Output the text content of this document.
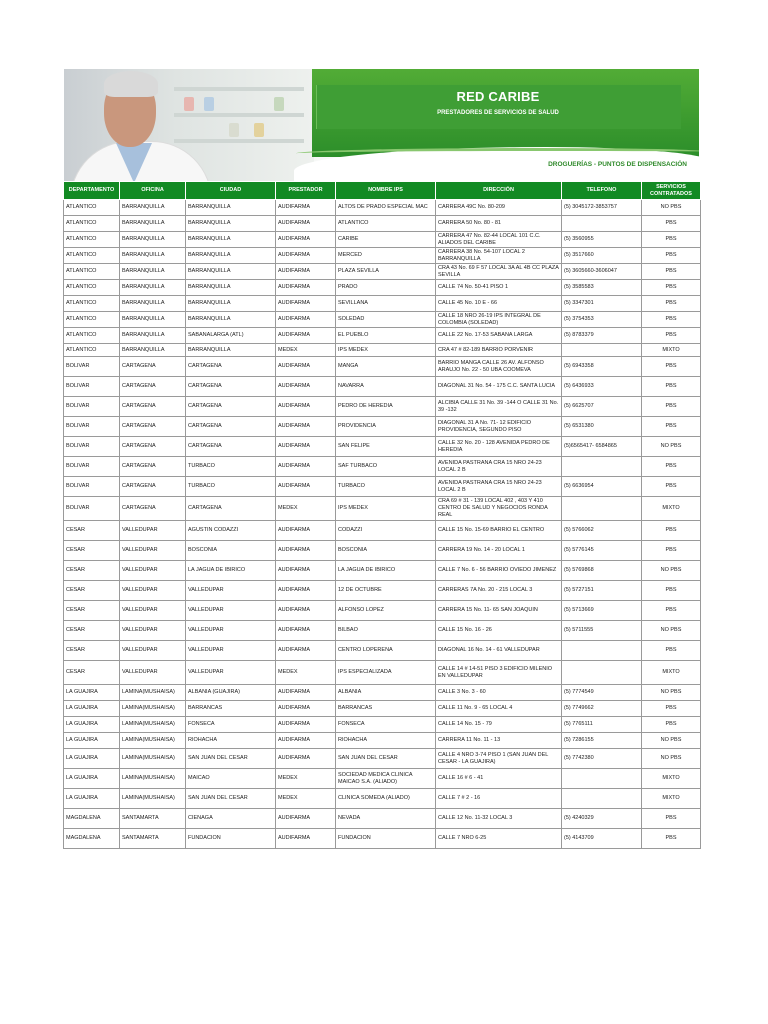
RED CARIBE
PRESTADORES DE SERVICIOS DE SALUD
DROGUERÍAS - PUNTOS DE DISPENSACIÓN
DEPARTAMENTO	OFICINA	CIUDAD	PRESTADOR	NOMBRE IPS	DIRECCIÓN	TELEFONO	SERVICIOS CONTRATADOS
ATLANTICO	BARRANQUILLA	BARRANQUILLA	AUDIFARMA	ALTOS DE PRADO ESPECIAL MAC	CARRERA 49C No. 80-209	(5) 3045172-3853757	NO PBS
ATLANTICO	BARRANQUILLA	BARRANQUILLA	AUDIFARMA	ATLANTICO	CARRERA 50 No. 80 - 81		PBS
ATLANTICO	BARRANQUILLA	BARRANQUILLA	AUDIFARMA	CARIBE	CARRERA 47 No. 82-44 LOCAL 101 C.C. ALIADOS DEL CARIBE	(5) 3560955	PBS
ATLANTICO	BARRANQUILLA	BARRANQUILLA	AUDIFARMA	MERCED	CARRERA 38 No. 54-107 LOCAL 2 BARRANQUILLA	(5) 3517660	PBS
ATLANTICO	BARRANQUILLA	BARRANQUILLA	AUDIFARMA	PLAZA SEVILLA	CRA 43 No. 69 F 57 LOCAL 3A AL 4B CC PLAZA SEVILLA	(5) 3605660-3606047	PBS
ATLANTICO	BARRANQUILLA	BARRANQUILLA	AUDIFARMA	PRADO	CALLE 74 No. 50-41 PISO 1	(5) 3585583	PBS
ATLANTICO	BARRANQUILLA	BARRANQUILLA	AUDIFARMA	SEVILLANA	CALLE 45 No. 10 E - 66	(5) 3347301	PBS
ATLANTICO	BARRANQUILLA	BARRANQUILLA	AUDIFARMA	SOLEDAD	CALLE 18 NRO 26-19 IPS INTEGRAL DE COLOMBIA (SOLEDAD)	(5) 3754353	PBS
ATLANTICO	BARRANQUILLA	SABANALARGA (ATL)	AUDIFARMA	EL PUEBLO	CALLE 22 No. 17-53 SABANA LARGA	(5) 8783379	PBS
ATLANTICO	BARRANQUILLA	BARRANQUILLA	MEDEX	IPS MEDEX	CRA 47 # 82-189 BARRIO PORVENIR		MIXTO
BOLIVAR	CARTAGENA	CARTAGENA	AUDIFARMA	MANGA	BARRIO MANGA CALLE 26 AV. ALFONSO ARAUJO No. 22 - 50 UBA COOMEVA	(5) 6943358	PBS
BOLIVAR	CARTAGENA	CARTAGENA	AUDIFARMA	NAVARRA	DIAGONAL 31 No. 54 - 175 C.C. SANTA LUCIA	(5) 6436933	PBS
BOLIVAR	CARTAGENA	CARTAGENA	AUDIFARMA	PEDRO DE HEREDIA	ALCIBIA CALLE 31 No. 39 -144 O CALLE 31 No. 39 -132	(5) 6625707	PBS
BOLIVAR	CARTAGENA	CARTAGENA	AUDIFARMA	PROVIDENCIA	DIAGONAL 31 A No. 71- 12 EDIFICIO PROVIDENCIA, SEGUNDO PISO	(5) 6531380	PBS
BOLIVAR	CARTAGENA	CARTAGENA	AUDIFARMA	SAN FELIPE	CALLE 32 No. 20 - 128 AVENIDA PEDRO DE HEREDIA	(5)6565417- 6584865	NO PBS
BOLIVAR	CARTAGENA	TURBACO	AUDIFARMA	SAF TURBACO	AVENIDA PASTRANA CRA 15 NRO 24-23 LOCAL 2 B		PBS
BOLIVAR	CARTAGENA	TURBACO	AUDIFARMA	TURBACO	AVENIDA PASTRANA CRA 15 NRO 24-23 LOCAL 2 B	(5) 6636954	PBS
BOLIVAR	CARTAGENA	CARTAGENA	MEDEX	IPS MEDEX	CRA 69 # 31 - 139 LOCAL 402 , 403 Y 410 CENTRO DE SALUD Y NEGOCIOS RONDA REAL		MIXTO
CESAR	VALLEDUPAR	AGUSTIN CODAZZI	AUDIFARMA	CODAZZI	CALLE 15 No. 15-69 BARRIO EL CENTRO	(5) 5766062	PBS
CESAR	VALLEDUPAR	BOSCONIA	AUDIFARMA	BOSCONIA	CARRERA 19 No. 14 - 20 LOCAL 1	(5) 5776145	PBS
CESAR	VALLEDUPAR	LA JAGUA DE IBIRICO	AUDIFARMA	LA JAGUA DE IBIRICO	CALLE 7 No. 6 - 56 BARRIO OVIEDO JIMENEZ	(5) 5769868	NO PBS
CESAR	VALLEDUPAR	VALLEDUPAR	AUDIFARMA	12 DE OCTUBRE	CARRERAS 7A No. 20 - 215 LOCAL 3	(5) 5727151	PBS
CESAR	VALLEDUPAR	VALLEDUPAR	AUDIFARMA	ALFONSO LOPEZ	CARRERA 15 No. 11- 65 SAN JOAQUIN	(5) 5713669	PBS
CESAR	VALLEDUPAR	VALLEDUPAR	AUDIFARMA	BILBAO	CALLE 15 No. 16 - 26	(5) 5711555	NO PBS
CESAR	VALLEDUPAR	VALLEDUPAR	AUDIFARMA	CENTRO LOPERENA	DIAGONAL 16 No. 14 - 61 VALLEDUPAR		PBS
CESAR	VALLEDUPAR	VALLEDUPAR	MEDEX	IPS ESPECIALIZADA	CALLE 14 # 14-51 PISO 3 EDIFICIO MILENIO EN VALLEDUPAR		MIXTO
LA GUAJIRA	LAMINA(MUSHAISA)	ALBANIA (GUAJIRA)	AUDIFARMA	ALBANIA	CALLE 3 No. 3 - 60	(5) 7774549	NO PBS
LA GUAJIRA	LAMINA(MUSHAISA)	BARRANCAS	AUDIFARMA	BARRANCAS	CALLE 11 No. 9 - 65 LOCAL 4	(5) 7749662	PBS
LA GUAJIRA	LAMINA(MUSHAISA)	FONSECA	AUDIFARMA	FONSECA	CALLE 14 No. 15 - 79	(5) 7765111	PBS
LA GUAJIRA	LAMINA(MUSHAISA)	RIOHACHA	AUDIFARMA	RIOHACHA	CARRERA 11 No. 11 - 13	(5) 7286155	NO PBS
LA GUAJIRA	LAMINA(MUSHAISA)	SAN JUAN DEL CESAR	AUDIFARMA	SAN JUAN DEL CESAR	CALLE 4 NRO 3-74 PISO 1 (SAN JUAN DEL CESAR - LA GUAJIRA)	(5) 7742380	NO PBS
LA GUAJIRA	LAMINA(MUSHAISA)	MAICAO	MEDEX	SOCIEDAD MEDICA CLINICA MAICAO S.A. (ALIADO)	CALLE 16 # 6 - 41		MIXTO
LA GUAJIRA	LAMINA(MUSHAISA)	SAN JUAN DEL CESAR	MEDEX	CLINICA SOMEDA (ALIADO)	CALLE 7 # 2 - 16		MIXTO
MAGDALENA	SANTAMARTA	CIENAGA	AUDIFARMA	NEVADA	CALLE 12 No. 11-32 LOCAL 3	(5) 4240329	PBS
MAGDALENA	SANTAMARTA	FUNDACION	AUDIFARMA	FUNDACION	CALLE 7 NRO 6-25	(5) 4143709	PBS
